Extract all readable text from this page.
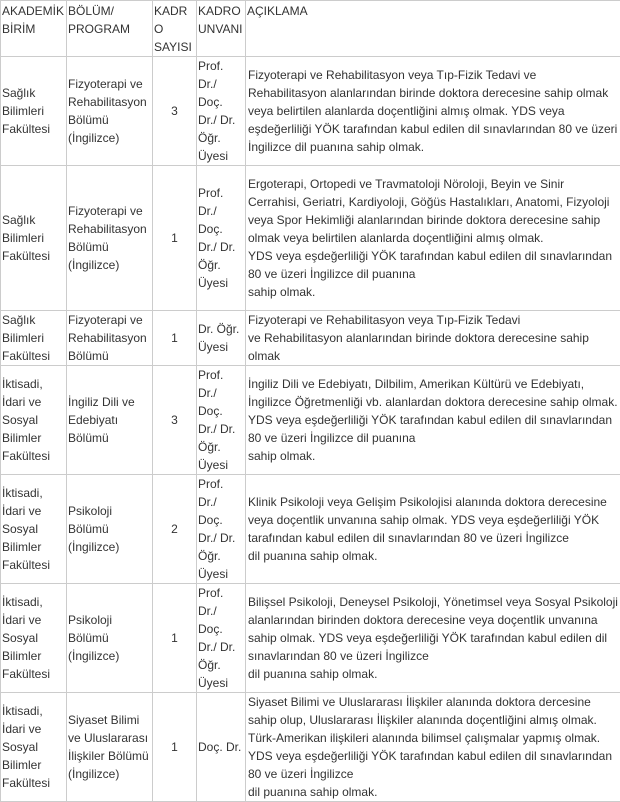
AKADEMİK BİRİM	BÖLÜM/ PROGRAM	KADRO SAYISI	KADRO UNVANI	AÇIKLAMA
Sağlık Bilimleri Fakültesi	Fizyoterapi ve Rehabilitasyon Bölümü (İngilizce)	3	Prof. Dr./ Doç. Dr./ Dr. Öğr. Üyesi	Fizyoterapi ve Rehabilitasyon veya Tıp-Fizik Tedavi ve Rehabilitasyon alanlarından birinde doktora derecesine sahip olmak veya belirtilen alanlarda doçentliğini almış olmak. YDS veya eşdeğerliliği YÖK tarafından kabul edilen dil sınavlarından 80 ve üzeri İngilizce dil puanına sahip olmak.

Sağlık Bilimleri Fakültesi	Fizyoterapi ve Rehabilitasyon Bölümü (İngilizce)	1	Prof. Dr./ Doç. Dr./ Dr. Öğr. Üyesi	Ergoterapi, Ortopedi ve Travmatoloji Nöroloji, Beyin ve Sinir Cerrahisi, Geriatri, Kardiyoloji, Göğüs Hastalıkları, Anatomi, Fizyoloji veya Spor Hekimliği alanlarından birinde doktora derecesine sahip olmak veya belirtilen alanlarda doçentliğini almış olmak.
YDS veya eşdeğerliliği YÖK tarafından kabul edilen dil sınavlarından 80 ve üzeri İngilizce dil puanına
sahip olmak.

Sağlık Bilimleri Fakültesi	Fizyoterapi ve Rehabilitasyon Bölümü	1	Dr. Öğr. Üyesi	Fizyoterapi ve Rehabilitasyon veya Tıp-Fizik Tedavi
ve Rehabilitasyon alanlarından birinde doktora derecesine sahip olmak

İktisadi, İdari ve Sosyal Bilimler Fakültesi	İngiliz Dili ve Edebiyatı Bölümü	3	Prof. Dr./ Doç. Dr./ Dr. Öğr. Üyesi	İngiliz Dili ve Edebiyatı, Dilbilim, Amerikan Kültürü ve Edebiyatı, İngilizce Öğretmenliği vb. alanlardan doktora derecesine sahip olmak. YDS veya eşdeğerliliği YÖK tarafından kabul edilen dil sınavlarından 80 ve üzeri İngilizce dil puanına
sahip olmak.

İktisadi, İdari ve Sosyal Bilimler Fakültesi	Psikoloji Bölümü (İngilizce)	2	Prof. Dr./ Doç. Dr./ Dr. Öğr. Üyesi	Klinik Psikoloji veya Gelişim Psikolojisi alanında doktora derecesine veya doçentlik unvanına sahip olmak. YDS veya eşdeğerliliği YÖK tarafından kabul edilen dil sınavlarından 80 ve üzeri İngilizce
dil puanına sahip olmak.

İktisadi, İdari ve Sosyal Bilimler Fakültesi	Psikoloji Bölümü (İngilizce)	1	Prof. Dr./ Doç. Dr./ Dr. Öğr. Üyesi	Bilişsel Psikoloji, Deneysel Psikoloji, Yönetimsel veya Sosyal Psikoloji alanlarından birinden doktora derecesine veya doçentlik unvanına sahip olmak. YDS veya eşdeğerliliği YÖK tarafından kabul edilen dil sınavlarından 80 ve üzeri İngilizce
dil puanına sahip olmak.

İktisadi, İdari ve Sosyal Bilimler Fakültesi	Siyaset Bilimi ve Uluslararası İlişkiler Bölümü (İngilizce)	1	Doç. Dr.	Siyaset Bilimi ve Uluslararası İlişkiler alanında doktora dercesine sahip olup, Uluslararası İlişkiler alanında doçentliğini almış olmak. Türk-Amerikan ilişkileri alanında bilimsel çalışmalar yapmış olmak.
YDS veya eşdeğerliliği YÖK tarafından kabul edilen dil sınavlarından 80 ve üzeri İngilizce
dil puanına sahip olmak.
